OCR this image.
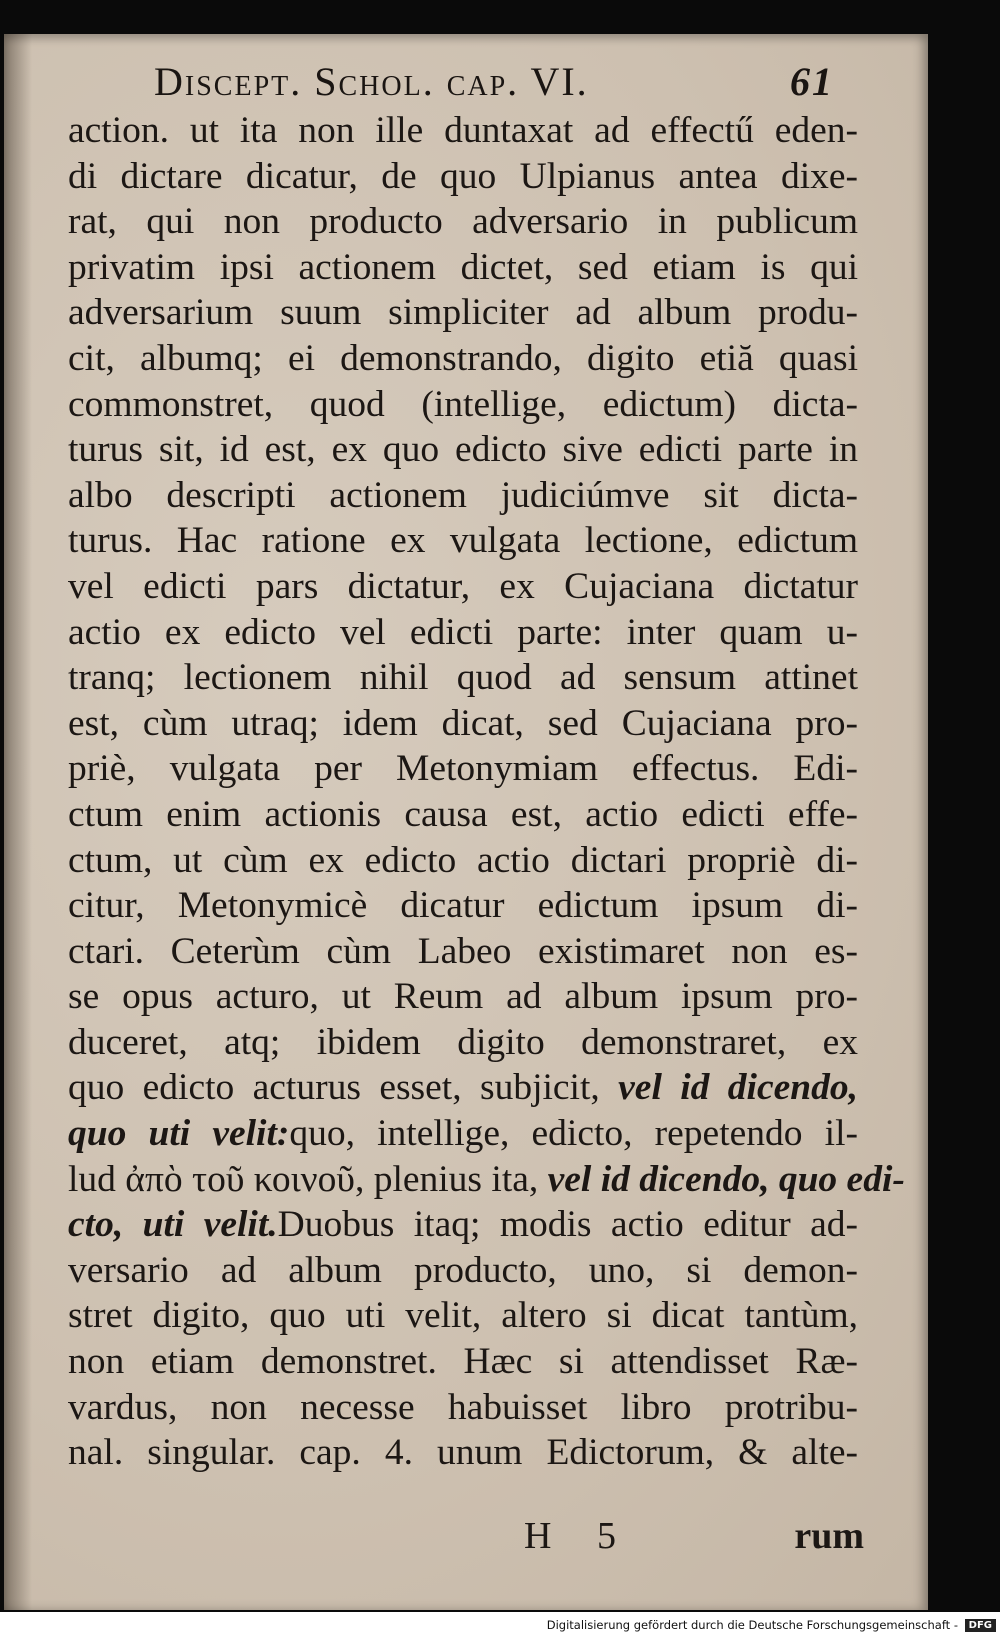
Discept. Schol. cap. VI.	61
action. ut ita non ille duntaxat ad effectű eden-
di dictare dicatur, de quo Ulpianus antea dixe-
rat, qui non producto adversario in publicum
privatim ipsi actionem dictet, sed etiam is qui
adversarium suum simpliciter ad album produ-
cit, albumq; ei demonstrando, digito etiă quasi
commonstret, quod (intellige, edictum) dicta-
turus sit, id est, ex quo edicto sive edicti parte in
albo descripti actionem judiciúmve sit dicta-
turus. Hac ratione ex vulgata lectione, edictum
vel edicti pars dictatur, ex Cujaciana dictatur
actio ex edicto vel edicti parte: inter quam u-
tranq; lectionem nihil quod ad sensum attinet
est, cùm utraq; idem dicat, sed Cujaciana pro-
priè, vulgata per Metonymiam effectus. Edi-
ctum enim actionis causa est, actio edicti effe-
ctum, ut cùm ex edicto actio dictari propriè di-
citur, Metonymicè dicatur edictum ipsum di-
ctari. Ceterùm cùm Labeo existimaret non es-
se opus acturo, ut Reum ad album ipsum pro-
duceret, atq; ibidem digito demonstraret, ex
quo edicto acturus esset, subjicit, vel id dicendo,
quo uti velit:quo, intellige, edicto, repetendo il-
lud ἀπὸ τοῦ κοινοῦ, plenius ita, vel id dicendo, quo edi-
cto, uti velit.Duobus itaq; modis actio editur ad-
versario ad album producto, uno, si demon-
stret digito, quo uti velit, altero si dicat tantùm,
non etiam demonstret. Hæc si attendisset Ræ-
vardus, non necesse habuisset libro protribu-
nal. singular. cap. 4. unum Edictorum, & alte-
H 5	rum
Digitalisierung gefördert durch die Deutsche Forschungsgemeinschaft - DFG
